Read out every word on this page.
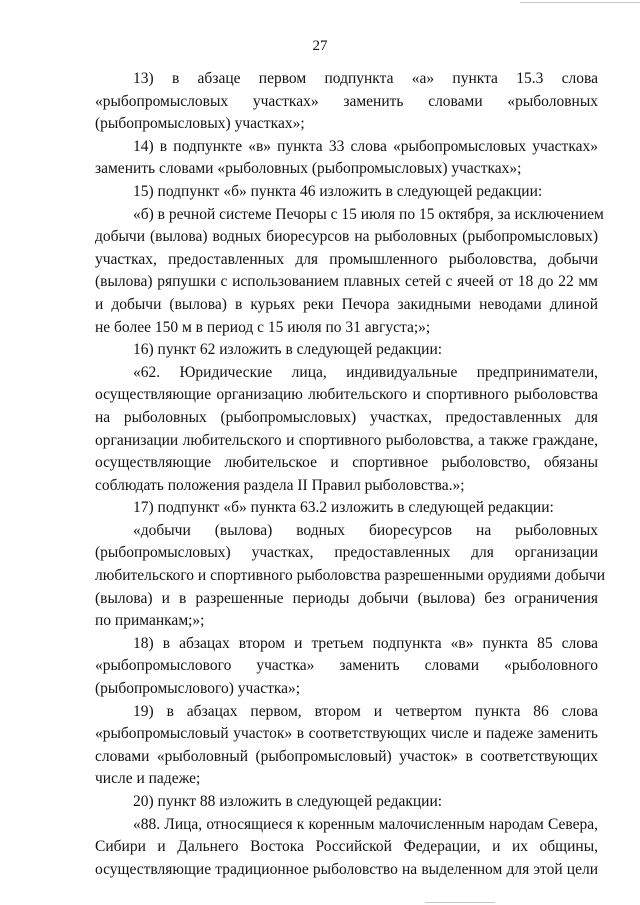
27
13) в абзаце первом подпункта «а» пункта 15.3 слова
«рыбопромысловых участках» заменить словами «рыболовных
(рыбопромысловых) участках»;
14) в подпункте «в» пункта 33 слова «рыбопромысловых участках»
заменить словами «рыболовных (рыбопромысловых) участках»;
15) подпункт «б» пункта 46 изложить в следующей редакции:
«б) в речной системе Печоры с 15 июля по 15 октября, за исключением
добычи (вылова) водных биоресурсов на рыболовных (рыбопромысловых)
участках, предоставленных для промышленного рыболовства, добычи
(вылова) ряпушки с использованием плавных сетей с ячеей от 18 до 22 мм
и добычи (вылова) в курьях реки Печора закидными неводами длиной
не более 150 м в период с 15 июля по 31 августа;»;
16) пункт 62 изложить в следующей редакции:
«62. Юридические лица, индивидуальные предприниматели,
осуществляющие организацию любительского и спортивного рыболовства
на рыболовных (рыбопромысловых) участках, предоставленных для
организации любительского и спортивного рыболовства, а также граждане,
осуществляющие любительское и спортивное рыболовство, обязаны
соблюдать положения раздела II Правил рыболовства.»;
17) подпункт «б» пункта 63.2 изложить в следующей редакции:
«добычи (вылова) водных биоресурсов на рыболовных
(рыбопромысловых) участках, предоставленных для организации
любительского и спортивного рыболовства разрешенными орудиями добычи
(вылова) и в разрешенные периоды добычи (вылова) без ограничения
по приманкам;»;
18) в абзацах втором и третьем подпункта «в» пункта 85 слова
«рыбопромыслового участка» заменить словами «рыболовного
(рыбопромыслового) участка»;
19) в абзацах первом, втором и четвертом пункта 86 слова
«рыбопромысловый участок» в соответствующих числе и падеже заменить
словами «рыболовный (рыбопромысловый) участок» в соответствующих
числе и падеже;
20) пункт 88 изложить в следующей редакции:
«88. Лица, относящиеся к коренным малочисленным народам Севера,
Сибири и Дальнего Востока Российской Федерации, и их общины,
осуществляющие традиционное рыболовство на выделенном для этой цели
